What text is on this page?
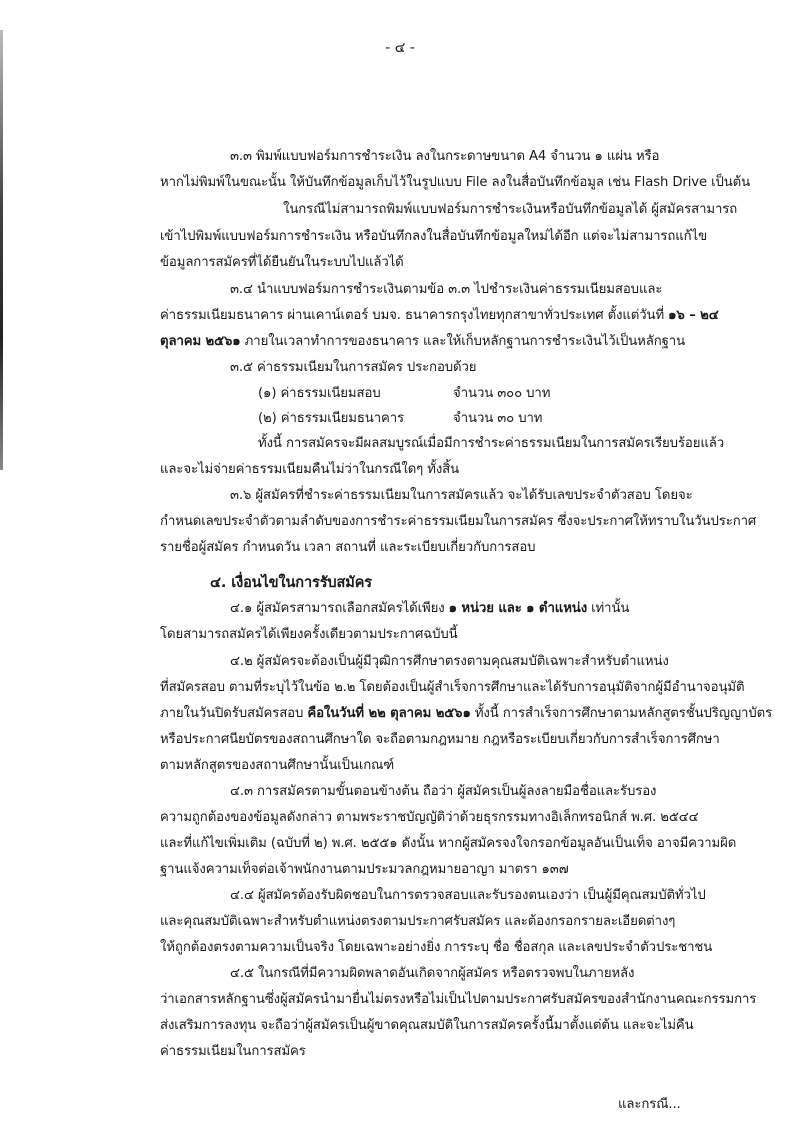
- ๔ -
๓.๓ พิมพ์แบบฟอร์มการชำระเงิน ลงในกระดาษขนาด A4 จำนวน ๑ แผ่น หรือ
หากไม่พิมพ์ในขณะนั้น ให้บันทึกข้อมูลเก็บไว้ในรูปแบบ File ลงในสื่อบันทึกข้อมูล เช่น Flash Drive เป็นต้น
ในกรณีไม่สามารถพิมพ์แบบฟอร์มการชำระเงินหรือบันทึกข้อมูลได้ ผู้สมัครสามารถ
เข้าไปพิมพ์แบบฟอร์มการชำระเงิน หรือบันทึกลงในสื่อบันทึกข้อมูลใหม่ได้อีก แต่จะไม่สามารถแก้ไข
ข้อมูลการสมัครที่ได้ยืนยันในระบบไปแล้วได้
๓.๔ นำแบบฟอร์มการชำระเงินตามข้อ ๓.๓ ไปชำระเงินค่าธรรมเนียมสอบและ
ค่าธรรมเนียมธนาคาร ผ่านเคาน์เตอร์ บมจ. ธนาคารกรุงไทยทุกสาขาทั่วประเทศ ตั้งแต่วันที่ ๑๖ – ๒๔
ตุลาคม ๒๕๖๑ ภายในเวลาทำการของธนาคาร และให้เก็บหลักฐานการชำระเงินไว้เป็นหลักฐาน
๓.๕ ค่าธรรมเนียมในการสมัคร ประกอบด้วย
(๑) ค่าธรรมเนียมสอบ	จำนวน ๓๐๐ บาท
(๒) ค่าธรรมเนียมธนาคาร	จำนวน ๓๐ บาท
ทั้งนี้ การสมัครจะมีผลสมบูรณ์เมื่อมีการชำระค่าธรรมเนียมในการสมัครเรียบร้อยแล้ว
และจะไม่จ่ายค่าธรรมเนียมคืนไม่ว่าในกรณีใดๆ ทั้งสิ้น
๓.๖ ผู้สมัครที่ชำระค่าธรรมเนียมในการสมัครแล้ว จะได้รับเลขประจำตัวสอบ โดยจะ
กำหนดเลขประจำตัวตามลำดับของการชำระค่าธรรมเนียมในการสมัคร ซึ่งจะประกาศให้ทราบในวันประกาศ
รายชื่อผู้สมัคร กำหนดวัน เวลา สถานที่ และระเบียบเกี่ยวกับการสอบ
๔. เงื่อนไขในการรับสมัคร
๔.๑ ผู้สมัครสามารถเลือกสมัครได้เพียง ๑ หน่วย และ ๑ ตำแหน่ง เท่านั้น
โดยสามารถสมัครได้เพียงครั้งเดียวตามประกาศฉบับนี้
๔.๒ ผู้สมัครจะต้องเป็นผู้มีวุฒิการศึกษาตรงตามคุณสมบัติเฉพาะสำหรับตำแหน่ง
ที่สมัครสอบ ตามที่ระบุไว้ในข้อ ๒.๒ โดยต้องเป็นผู้สำเร็จการศึกษาและได้รับการอนุมัติจากผู้มีอำนาจอนุมัติ
ภายในวันปิดรับสมัครสอบ คือในวันที่ ๒๒ ตุลาคม ๒๕๖๑ ทั้งนี้ การสำเร็จการศึกษาตามหลักสูตรชั้นปริญญาบัตร
หรือประกาศนียบัตรของสถานศึกษาใด จะถือตามกฎหมาย กฎหรือระเบียบเกี่ยวกับการสำเร็จการศึกษา
ตามหลักสูตรของสถานศึกษานั้นเป็นเกณฑ์
๔.๓ การสมัครตามขั้นตอนข้างต้น ถือว่า ผู้สมัครเป็นผู้ลงลายมือชื่อและรับรอง
ความถูกต้องของข้อมูลดังกล่าว ตามพระราชบัญญัติว่าด้วยธุรกรรมทางอิเล็กทรอนิกส์ พ.ศ. ๒๕๔๔
และที่แก้ไขเพิ่มเติม (ฉบับที่ ๒) พ.ศ. ๒๕๕๑ ดังนั้น หากผู้สมัครจงใจกรอกข้อมูลอันเป็นเท็จ อาจมีความผิด
ฐานแจ้งความเท็จต่อเจ้าพนักงานตามประมวลกฎหมายอาญา มาตรา ๑๓๗
๔.๔ ผู้สมัครต้องรับผิดชอบในการตรวจสอบและรับรองตนเองว่า เป็นผู้มีคุณสมบัติทั่วไป
และคุณสมบัติเฉพาะสำหรับตำแหน่งตรงตามประกาศรับสมัคร และต้องกรอกรายละเอียดต่างๆ
ให้ถูกต้องตรงตามความเป็นจริง โดยเฉพาะอย่างยิ่ง การระบุ ชื่อ ชื่อสกุล และเลขประจำตัวประชาชน
๔.๕ ในกรณีที่มีความผิดพลาดอันเกิดจากผู้สมัคร หรือตรวจพบในภายหลัง
ว่าเอกสารหลักฐานซึ่งผู้สมัครนำมายื่นไม่ตรงหรือไม่เป็นไปตามประกาศรับสมัครของสำนักงานคณะกรรมการ
ส่งเสริมการลงทุน จะถือว่าผู้สมัครเป็นผู้ขาดคุณสมบัติในการสมัครครั้งนี้มาตั้งแต่ต้น และจะไม่คืน
ค่าธรรมเนียมในการสมัคร
และกรณี...
